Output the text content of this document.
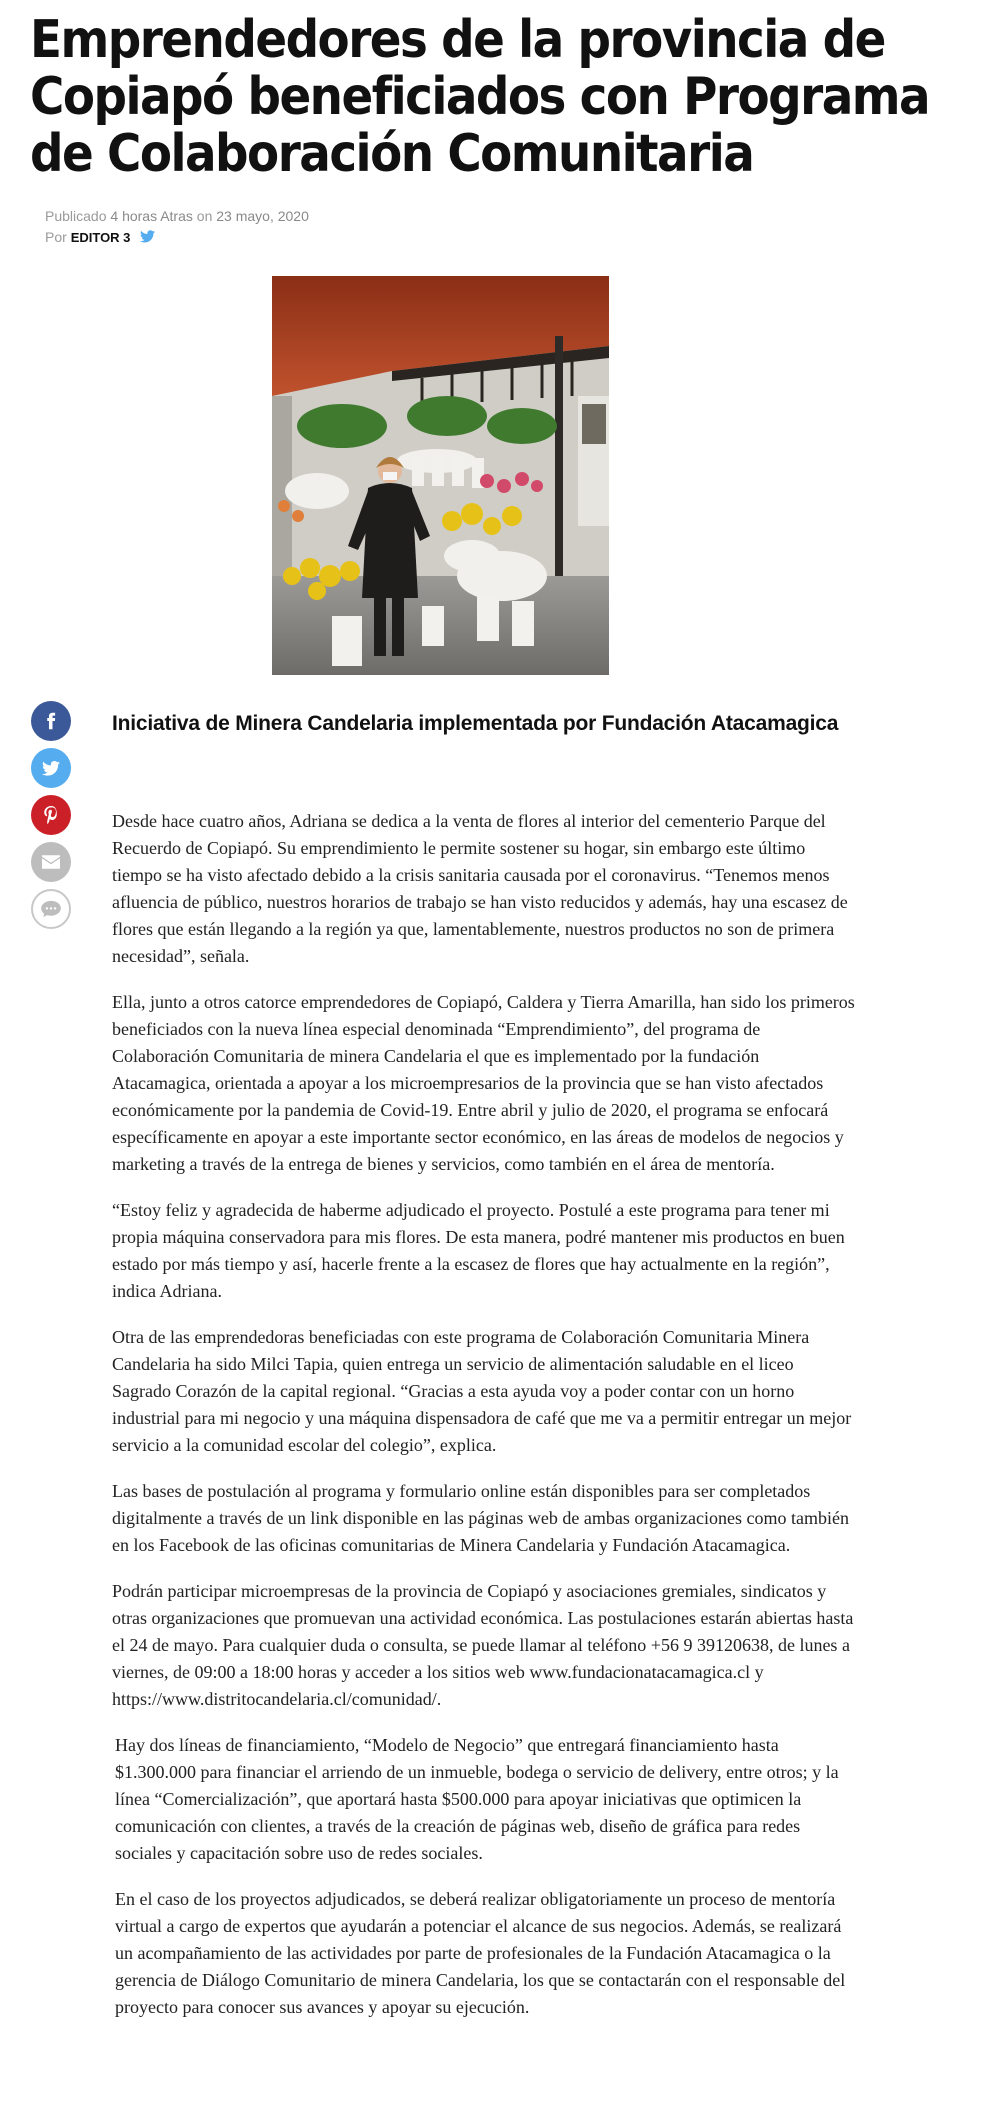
Emprendedores de la provincia de Copiapó beneficiados con Programa de Colaboración Comunitaria
Publicado 4 horas Atras on 23 mayo, 2020
Por EDITOR 3
Iniciativa de Minera Candelaria implementada por Fundación Atacamagica

Desde hace cuatro años, Adriana se dedica a la venta de flores al interior del cementerio Parque del Recuerdo de Copiapó. Su emprendimiento le permite sostener su hogar, sin embargo este último tiempo se ha visto afectado debido a la crisis sanitaria causada por el coronavirus. “Tenemos menos afluencia de público, nuestros horarios de trabajo se han visto reducidos y además, hay una escasez de flores que están llegando a la región ya que, lamentablemente, nuestros productos no son de primera necesidad”, señala.

Ella, junto a otros catorce emprendedores de Copiapó, Caldera y Tierra Amarilla, han sido los primeros beneficiados con la nueva línea especial denominada “Emprendimiento”, del programa de Colaboración Comunitaria de minera Candelaria el que es implementado por la fundación Atacamagica, orientada a apoyar a los microempresarios de la provincia que se han visto afectados económicamente por la pandemia de Covid-19. Entre abril y julio de 2020, el programa se enfocará específicamente en apoyar a este importante sector económico, en las áreas de modelos de negocios y marketing a través de la entrega de bienes y servicios, como también en el área de mentoría.

“Estoy feliz y agradecida de haberme adjudicado el proyecto. Postulé a este programa para tener mi propia máquina conservadora para mis flores. De esta manera, podré mantener mis productos en buen estado por más tiempo y así, hacerle frente a la escasez de flores que hay actualmente en la región”, indica Adriana.

Otra de las emprendedoras beneficiadas con este programa de Colaboración Comunitaria Minera Candelaria ha sido Milci Tapia, quien entrega un servicio de alimentación saludable en el liceo Sagrado Corazón de la capital regional. “Gracias a esta ayuda voy a poder contar con un horno industrial para mi negocio y una máquina dispensadora de café que me va a permitir entregar un mejor servicio a la comunidad escolar del colegio”, explica.

Las bases de postulación al programa y formulario online están disponibles para ser completados digitalmente a través de un link disponible en las páginas web de ambas organizaciones como también en los Facebook de las oficinas comunitarias de Minera Candelaria y Fundación Atacamagica.

Podrán participar microempresas de la provincia de Copiapó y asociaciones gremiales, sindicatos y otras organizaciones que promuevan una actividad económica. Las postulaciones estarán abiertas hasta el 24 de mayo. Para cualquier duda o consulta, se puede llamar al teléfono +56 9 39120638, de lunes a viernes, de 09:00 a 18:00 horas y acceder a los sitios web www.fundacionatacamagica.cl y https://www.distritocandelaria.cl/comunidad/.

Hay dos líneas de financiamiento, “Modelo de Negocio” que entregará financiamiento hasta $1.300.000 para financiar el arriendo de un inmueble, bodega o servicio de delivery, entre otros; y la línea “Comercialización”, que aportará hasta $500.000 para apoyar iniciativas que optimicen la comunicación con clientes, a través de la creación de páginas web, diseño de gráfica para redes sociales y capacitación sobre uso de redes sociales.

En el caso de los proyectos adjudicados, se deberá realizar obligatoriamente un proceso de mentoría virtual a cargo de expertos que ayudarán a potenciar el alcance de sus negocios. Además, se realizará un acompañamiento de las actividades por parte de profesionales de la Fundación Atacamagica o la gerencia de Diálogo Comunitario de minera Candelaria, los que se contactarán con el responsable del proyecto para conocer sus avances y apoyar su ejecución.
